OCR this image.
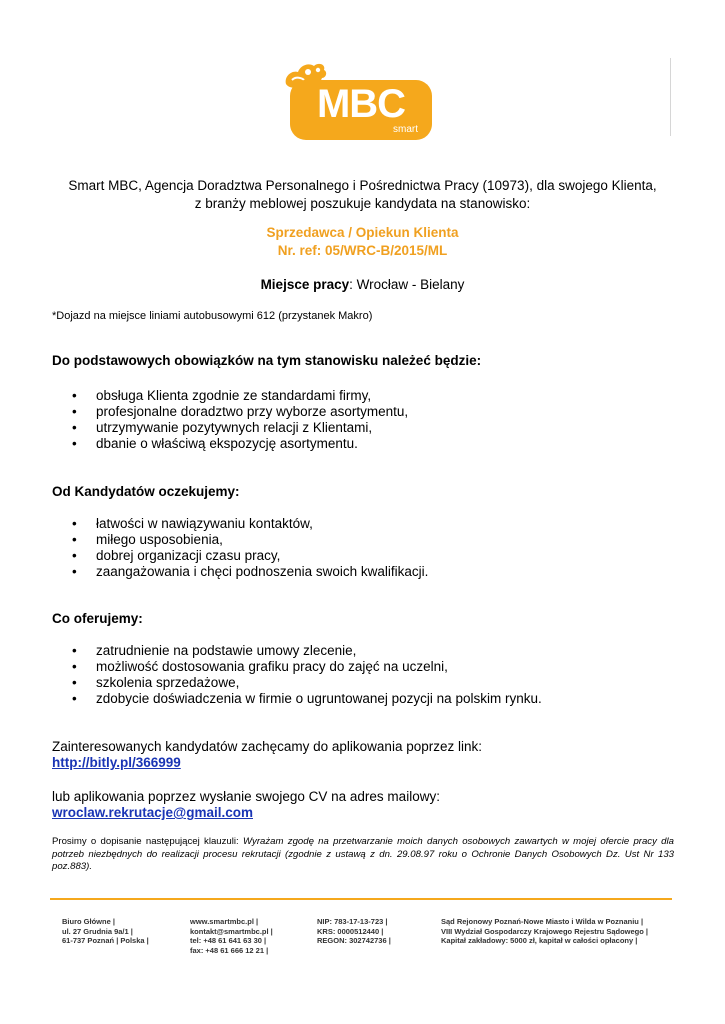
MBC
smart
Smart MBC, Agencja Doradztwa Personalnego i Pośrednictwa Pracy (10973), dla swojego Klienta,
z branży meblowej poszukuje kandydata na stanowisko:
Sprzedawca / Opiekun Klienta
Nr. ref: 05/WRC-B/2015/ML
Miejsce pracy: Wrocław - Bielany
*Dojazd na miejsce liniami autobusowymi 612 (przystanek Makro)
Do podstawowych obowiązków na tym stanowisku należeć będzie:
• obsługa Klienta zgodnie ze standardami firmy,
• profesjonalne doradztwo przy wyborze asortymentu,
• utrzymywanie pozytywnych relacji z Klientami,
• dbanie o właściwą ekspozycję asortymentu.
Od Kandydatów oczekujemy:
• łatwości w nawiązywaniu kontaktów,
• miłego usposobienia,
• dobrej organizacji czasu pracy,
• zaangażowania i chęci podnoszenia swoich kwalifikacji.
Co oferujemy:
• zatrudnienie na podstawie umowy zlecenie,
• możliwość dostosowania grafiku pracy do zajęć na uczelni,
• szkolenia sprzedażowe,
• zdobycie doświadczenia w firmie o ugruntowanej pozycji na polskim rynku.
Zainteresowanych kandydatów zachęcamy do aplikowania poprzez link:
http://bitly.pl/366999
lub aplikowania poprzez wysłanie swojego CV na adres mailowy:
wroclaw.rekrutacje@gmail.com
Prosimy o dopisanie następującej klauzuli: Wyrażam zgodę na przetwarzanie moich danych osobowych zawartych w mojej ofercie pracy dla potrzeb niezbędnych do realizacji procesu rekrutacji (zgodnie z ustawą z dn. 29.08.97 roku o Ochronie Danych Osobowych Dz. Ust Nr 133 poz.883).
Biuro Główne |
ul. 27 Grudnia 9a/1 |
61-737 Poznań | Polska |
www.smartmbc.pl |
kontakt@smartmbc.pl |
tel: +48 61 641 63 30 |
fax: +48 61 666 12 21 |
NIP: 783-17-13-723 |
KRS: 0000512440 |
REGON: 302742736 |
Sąd Rejonowy Poznań-Nowe Miasto i Wilda w Poznaniu |
VIII Wydział Gospodarczy Krajowego Rejestru Sądowego |
Kapitał zakładowy: 5000 zł, kapitał w całości opłacony |
